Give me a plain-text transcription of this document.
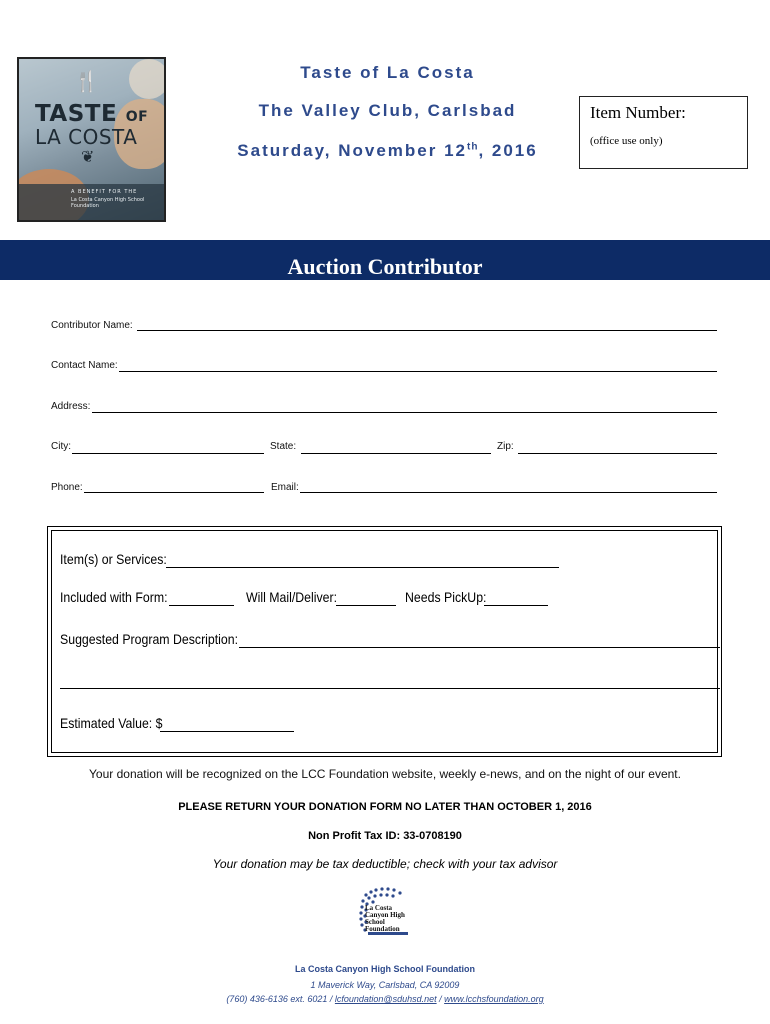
🍴
TASTE OF
LA COSTA
❦
A BENEFIT FOR THE
La Costa Canyon High School Foundation
Taste of La Costa
The Valley Club, Carlsbad
Saturday, November 12th, 2016
Item Number:
(office use only)
Auction Contributor
Contributor Name:
Contact Name:
Address:
City:	State:	Zip:
Phone:	Email:
Item(s) or Services:
Included with Form:	Will Mail/Deliver:	Needs PickUp:
Suggested Program Description:
Estimated Value: $
Your donation will be recognized on the LCC Foundation website, weekly e-news, and on the night of our event.
PLEASE RETURN YOUR DONATION FORM NO LATER THAN OCTOBER 1, 2016
Non Profit Tax ID: 33-0708190
Your donation may be tax deductible; check with your tax advisor
La Costa Canyon High School Foundation
La Costa Canyon High School Foundation
1 Maverick Way, Carlsbad, CA 92009
(760) 436-6136 ext. 6021 / lcfoundation@sduhsd.net / www.lcchsfoundation.org
